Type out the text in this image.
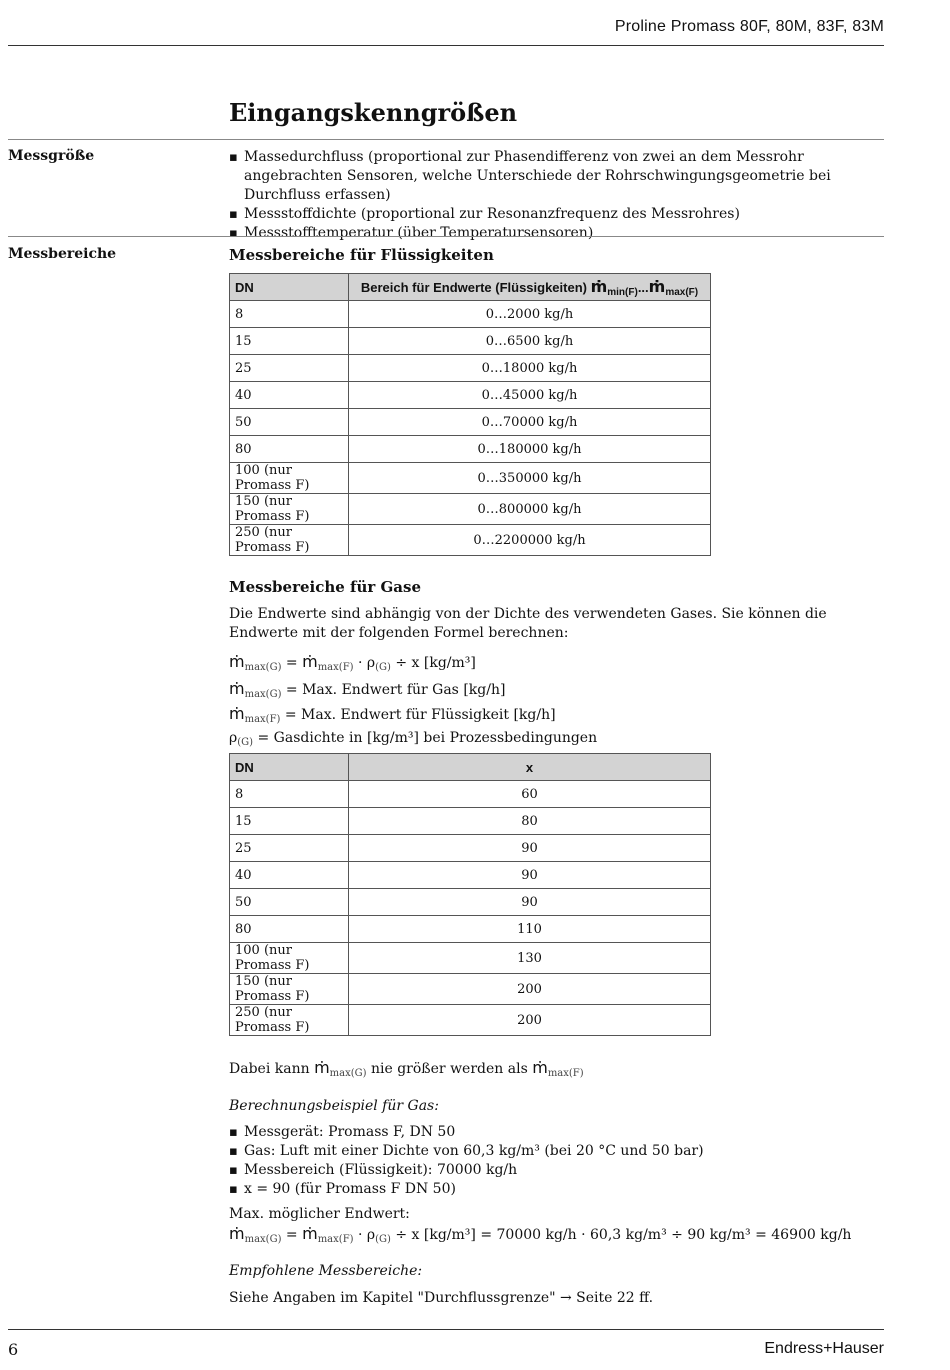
Proline Promass 80F, 80M, 83F, 83M
Eingangskenngrößen
Messgröße	▪ Massedurchfluss (proportional zur Phasendifferenz von zwei an dem Messrohr angebrachten Sensoren, welche Unterschiede der Rohrschwingungsgeometrie bei Durchfluss erfassen)
▪ Messstoffdichte (proportional zur Resonanzfrequenz des Messrohres)
▪ Messstofftemperatur (über Temperatursensoren)
Messbereiche	Messbereiche für Flüssigkeiten
DN	Bereich für Endwerte (Flüssigkeiten) ṁ$_{min(F)}$...ṁ$_{max(F)}$
8	0…2000 kg/h
15	0…6500 kg/h
25	0…18000 kg/h
40	0…45000 kg/h
50	0…70000 kg/h
80	0…180000 kg/h
100 (nur Promass F)	0…350000 kg/h
150 (nur Promass F)	0…800000 kg/h
250 (nur Promass F)	0…2200000 kg/h
Messbereiche für Gase
Die Endwerte sind abhängig von der Dichte des verwendeten Gases. Sie können die Endwerte mit der folgenden Formel berechnen:
ṁ$_{max(G)}$ = ṁ$_{max(F)}$ · $\rho_{(G)} \div x$ [kg/m³]
ṁ$_{max(G)}$ = Max. Endwert für Gas [kg/h]
ṁ$_{max(F)}$ = Max. Endwert für Flüssigkeit [kg/h]
$\rho_{(G)}$ = Gasdichte in [kg/m³] bei Prozessbedingungen
DN	x
8	60
15	80
25	90
40	90
50	90
80	110
100 (nur Promass F)	130
150 (nur Promass F)	200
250 (nur Promass F)	200
Dabei kann ṁ$_{max(G)}$ nie größer werden als ṁ$_{max(F)}$
Berechnungsbeispiel für Gas:
▪ Messgerät: Promass F, DN 50
▪ Gas: Luft mit einer Dichte von 60,3 kg/m³ (bei 20 °C und 50 bar)
▪ Messbereich (Flüssigkeit): 70000 kg/h
▪ x = 90 (für Promass F DN 50)
Max. möglicher Endwert:
ṁ$_{max(G)}$ = ṁ$_{max(F)}$ · $\rho_{(G)} \div x$ [kg/m³] = 70000 kg/h · 60,3 kg/m³ ÷ 90 kg/m³ = 46900 kg/h
Empfohlene Messbereiche:
Siehe Angaben im Kapitel "Durchflussgrenze" → Seite 22 ff.
6	Endress+Hauser
